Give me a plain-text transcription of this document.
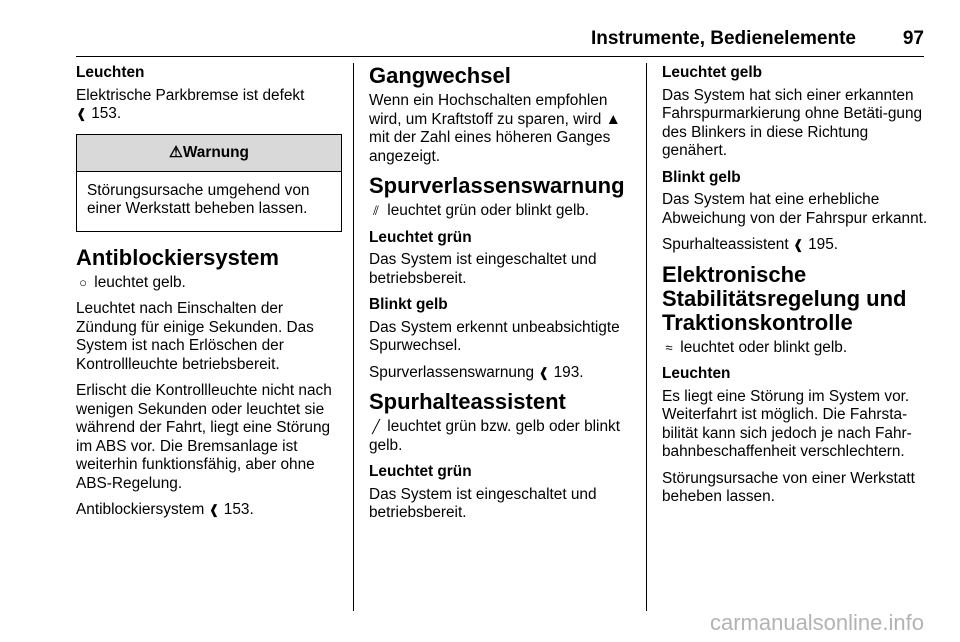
Instrumente, Bedienelemente 97
Leuchten

Elektrische Parkbremse ist defekt
❰ 153.

⚠Warnung
Störungsursache umgehend von einer Werkstatt beheben lassen.
Antiblockiersystem

○ leuchtet gelb.

Leuchtet nach Einschalten der Zündung für einige Sekunden. Das System ist nach Erlöschen der Kontrollleuchte betriebsbereit.

Erlischt die Kontrollleuchte nicht nach wenigen Sekunden oder leuchtet sie während der Fahrt, liegt eine Störung im ABS vor. Die Bremsanlage ist weiterhin funktionsfähig, aber ohne ABS-Regelung.

Antiblockiersystem ❰ 153.

Gangwechsel

Wenn ein Hochschalten empfohlen wird, um Kraftstoff zu sparen, wird ▲ mit der Zahl eines höheren Ganges angezeigt.

Spurverlassenswarnung

⫽ leuchtet grün oder blinkt gelb.

Leuchtet grün

Das System ist eingeschaltet und betriebsbereit.

Blinkt gelb

Das System erkennt unbeabsichtigte Spurwechsel.

Spurverlassenswarnung ❰ 193.

Spurhalteassistent

╱ leuchtet grün bzw. gelb oder blinkt gelb.

Leuchtet grün

Das System ist eingeschaltet und betriebsbereit.

Leuchtet gelb

Das System hat sich einer erkannten Fahrspurmarkierung ohne Betäti-gung des Blinkers in diese Richtung genähert.

Blinkt gelb

Das System hat eine erhebliche Abweichung von der Fahrspur erkannt.

Spurhalteassistent ❰ 195.

Elektronische Stabilitätsregelung und Traktionskontrolle

≈ leuchtet oder blinkt gelb.

Leuchten

Es liegt eine Störung im System vor. Weiterfahrt ist möglich. Die Fahrsta-bilität kann sich jedoch je nach Fahr-bahnbeschaffenheit verschlechtern.

Störungsursache von einer Werkstatt beheben lassen.

carmanualsonline.info
